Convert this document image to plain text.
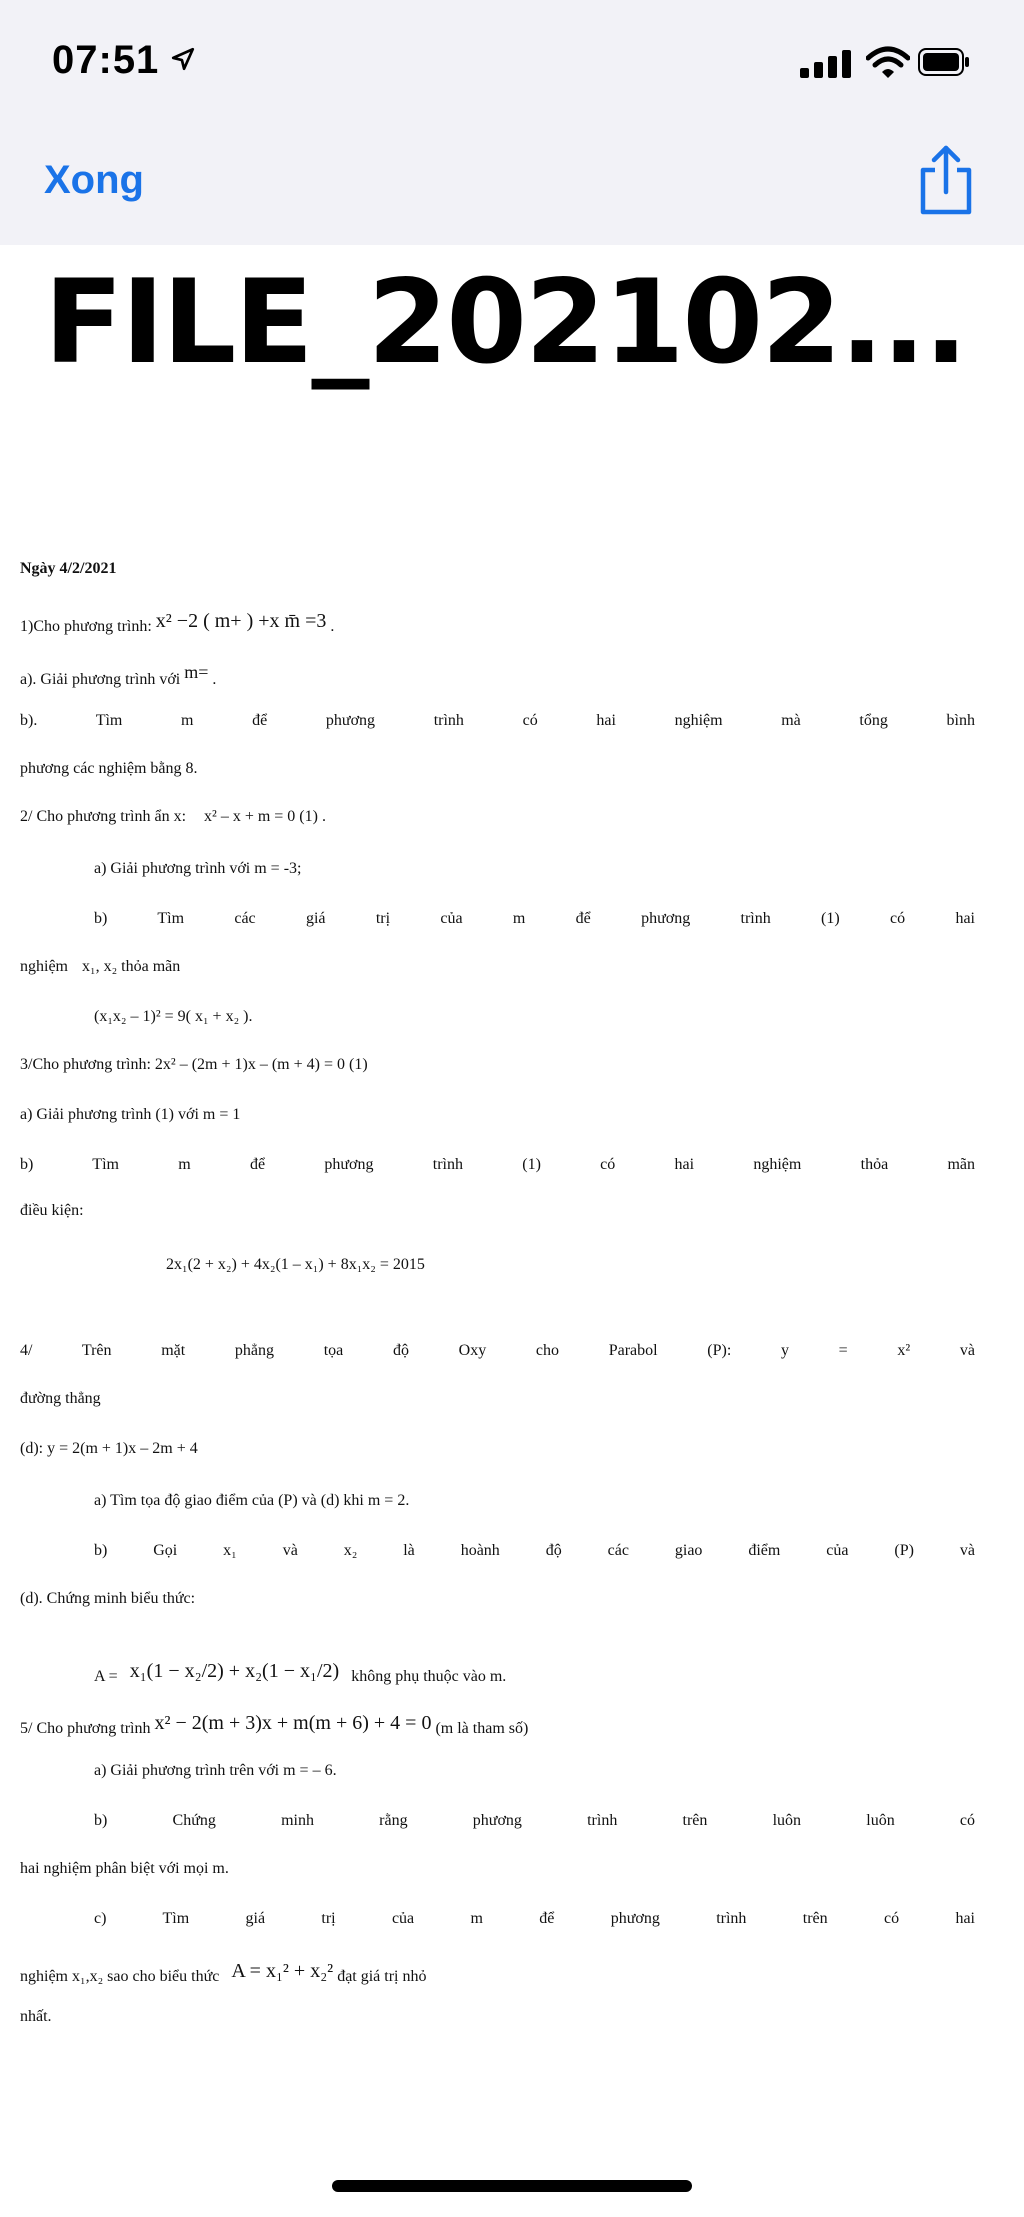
07:51
Xong
FILE_202102...
Ngày 4/2/2021
1)Cho phương trình: x² −2 ( m+ ) +x m̄ =3 .
a). Giải phương trình với m= .
b). Tìm m để phương trình có hai nghiệm mà tổng bình
phương các nghiệm bằng 8.
2/ Cho phương trình ẩn x: x² – x + m = 0 (1) .
a) Giải phương trình với m = -3;
b) Tìm các giá trị của m để phương trình (1) có hai
nghiệm x₁, x₂ thỏa mãn
(x₁x₂ – 1)² = 9( x₁ + x₂ ).
3/Cho phương trình: 2x² – (2m + 1)x – (m + 4) = 0 (1)
a) Giải phương trình (1) với m = 1
b) Tìm m để phương trình (1) có hai nghiệm thỏa mãn
điều kiện:
2x₁(2 + x₂) + 4x₂(1 – x₁) + 8x₁x₂ = 2015
4/ Trên mặt phẳng tọa độ Oxy cho Parabol (P): y = x² và
đường thẳng
(d): y = 2(m + 1)x – 2m + 4
a) Tìm tọa độ giao điểm của (P) và (d) khi m = 2.
b) Gọi x₁ và x₂ là hoành độ các giao điểm của (P) và
(d). Chứng minh biểu thức:
A = x₁(1 − x₂/2) + x₂(1 − x₁/2) không phụ thuộc vào m.
5/ Cho phương trình x² − 2(m + 3)x + m(m + 6) + 4 = 0 (m là tham số)
a) Giải phương trình trên với m = – 6.
b) Chứng minh rằng phương trình trên luôn luôn có
hai nghiệm phân biệt với mọi m.
c) Tìm giá trị của m để phương trình trên có hai
nghiệm x₁,x₂ sao cho biểu thức A = x₁² + x₂² đạt giá trị nhỏ
nhất.
